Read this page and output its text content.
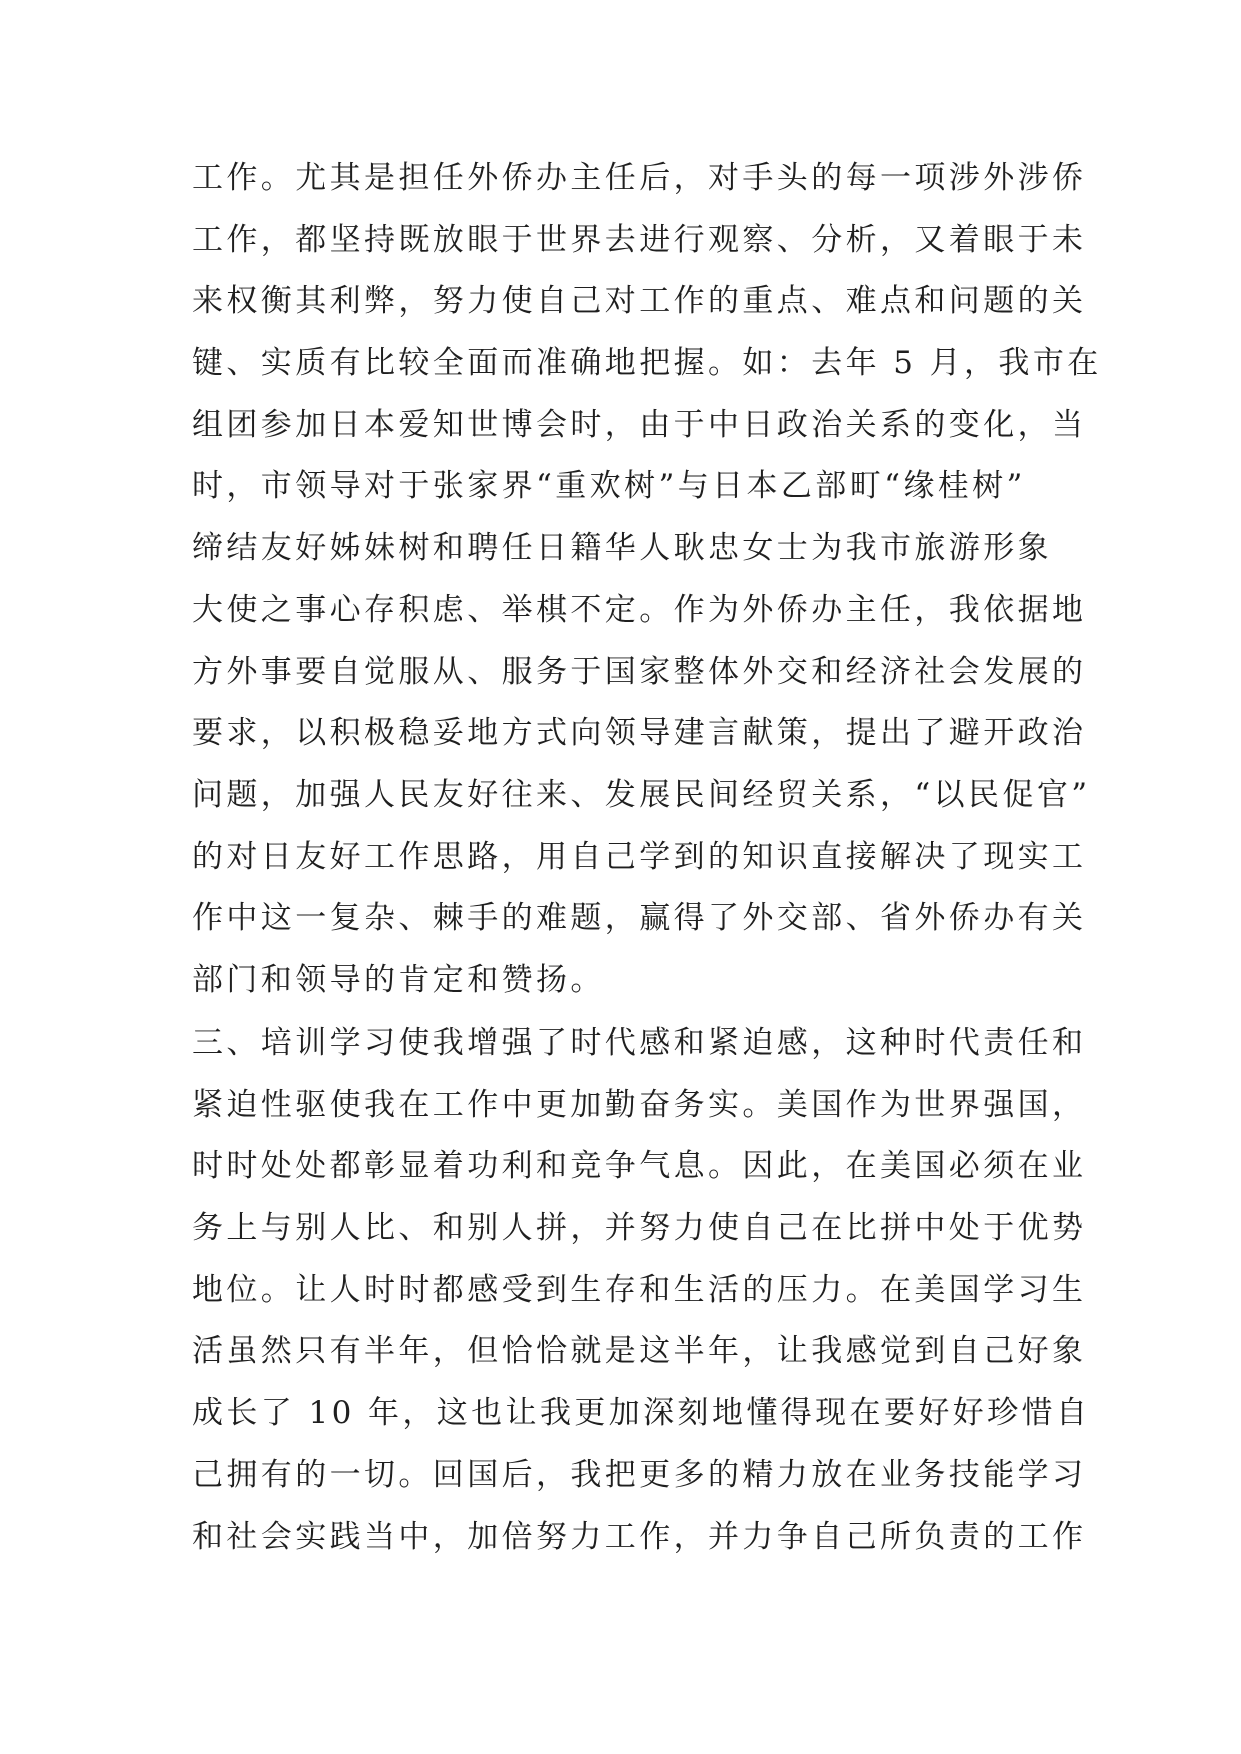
工作。尤其是担任外侨办主任后，对手头的每一项涉外涉侨
工作，都坚持既放眼于世界去进行观察、分析，又着眼于未
来权衡其利弊，努力使自己对工作的重点、难点和问题的关
键、实质有比较全面而准确地把握。如：去年 5 月，我市在
组团参加日本爱知世博会时，由于中日政治关系的变化，当
时，市领导对于张家界“重欢树”与日本乙部町“缘桂树”
缔结友好姊妹树和聘任日籍华人耿忠女士为我市旅游形象
大使之事心存积虑、举棋不定。作为外侨办主任，我依据地
方外事要自觉服从、服务于国家整体外交和经济社会发展的
要求，以积极稳妥地方式向领导建言献策，提出了避开政治
问题，加强人民友好往来、发展民间经贸关系，“以民促官”
的对日友好工作思路，用自己学到的知识直接解决了现实工
作中这一复杂、棘手的难题，赢得了外交部、省外侨办有关
部门和领导的肯定和赞扬。
三、培训学习使我增强了时代感和紧迫感，这种时代责任和
紧迫性驱使我在工作中更加勤奋务实。美国作为世界强国，
时时处处都彰显着功利和竞争气息。因此，在美国必须在业
务上与别人比、和别人拼，并努力使自己在比拼中处于优势
地位。让人时时都感受到生存和生活的压力。在美国学习生
活虽然只有半年，但恰恰就是这半年，让我感觉到自己好象
成长了 10 年，这也让我更加深刻地懂得现在要好好珍惜自
己拥有的一切。回国后，我把更多的精力放在业务技能学习
和社会实践当中，加倍努力工作，并力争自己所负责的工作
